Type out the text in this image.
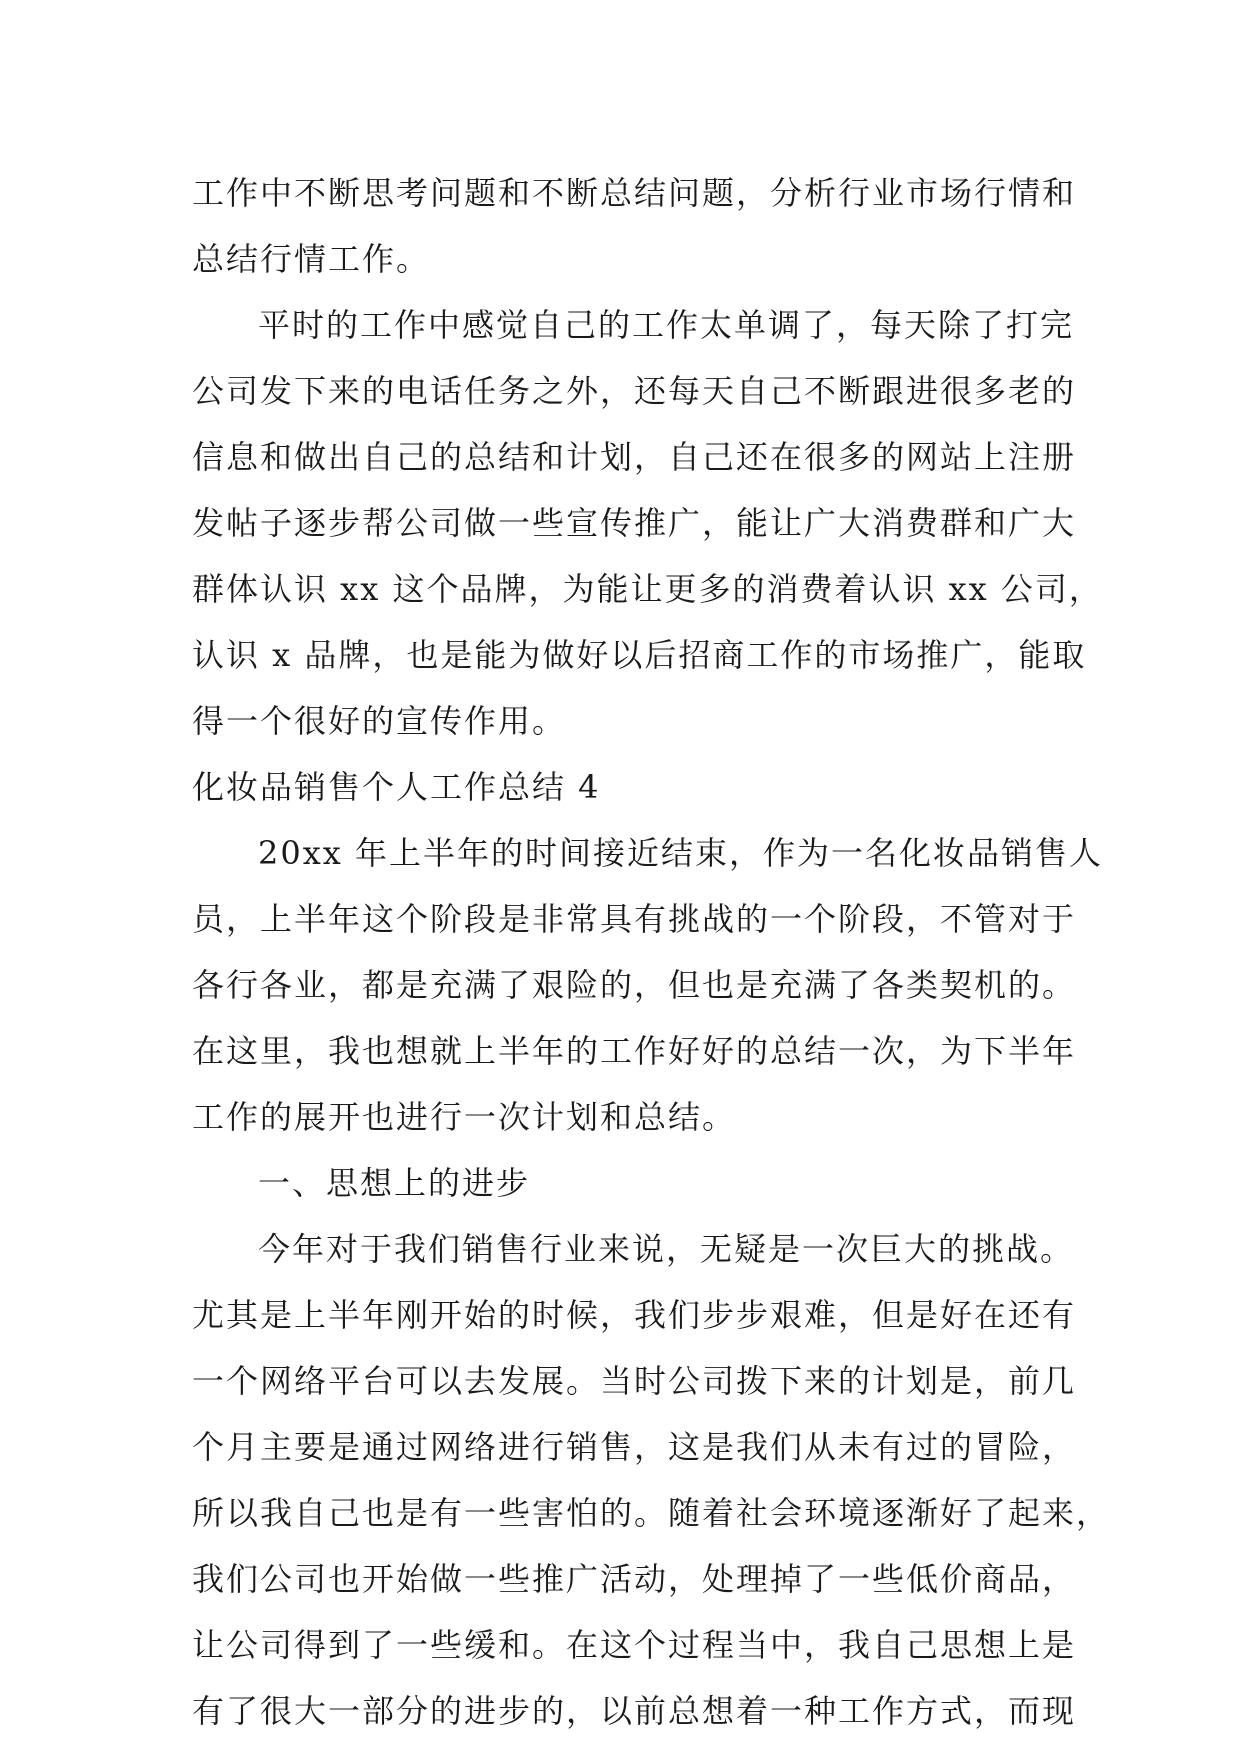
工作中不断思考问题和不断总结问题，分析行业市场行情和
总结行情工作。
平时的工作中感觉自己的工作太单调了，每天除了打完
公司发下来的电话任务之外，还每天自己不断跟进很多老的
信息和做出自己的总结和计划，自己还在很多的网站上注册
发帖子逐步帮公司做一些宣传推广，能让广大消费群和广大
群体认识 xx 这个品牌，为能让更多的消费着认识 xx 公司，
认识 x 品牌，也是能为做好以后招商工作的市场推广，能取
得一个很好的宣传作用。
化妆品销售个人工作总结 4
20xx 年上半年的时间接近结束，作为一名化妆品销售人
员，上半年这个阶段是非常具有挑战的一个阶段，不管对于
各行各业，都是充满了艰险的，但也是充满了各类契机的。
在这里，我也想就上半年的工作好好的总结一次，为下半年
工作的展开也进行一次计划和总结。
一、思想上的进步
今年对于我们销售行业来说，无疑是一次巨大的挑战。
尤其是上半年刚开始的时候，我们步步艰难，但是好在还有
一个网络平台可以去发展。当时公司拨下来的计划是，前几
个月主要是通过网络进行销售，这是我们从未有过的冒险，
所以我自己也是有一些害怕的。随着社会环境逐渐好了起来，
我们公司也开始做一些推广活动，处理掉了一些低价商品，
让公司得到了一些缓和。在这个过程当中，我自己思想上是
有了很大一部分的进步的，以前总想着一种工作方式，而现
